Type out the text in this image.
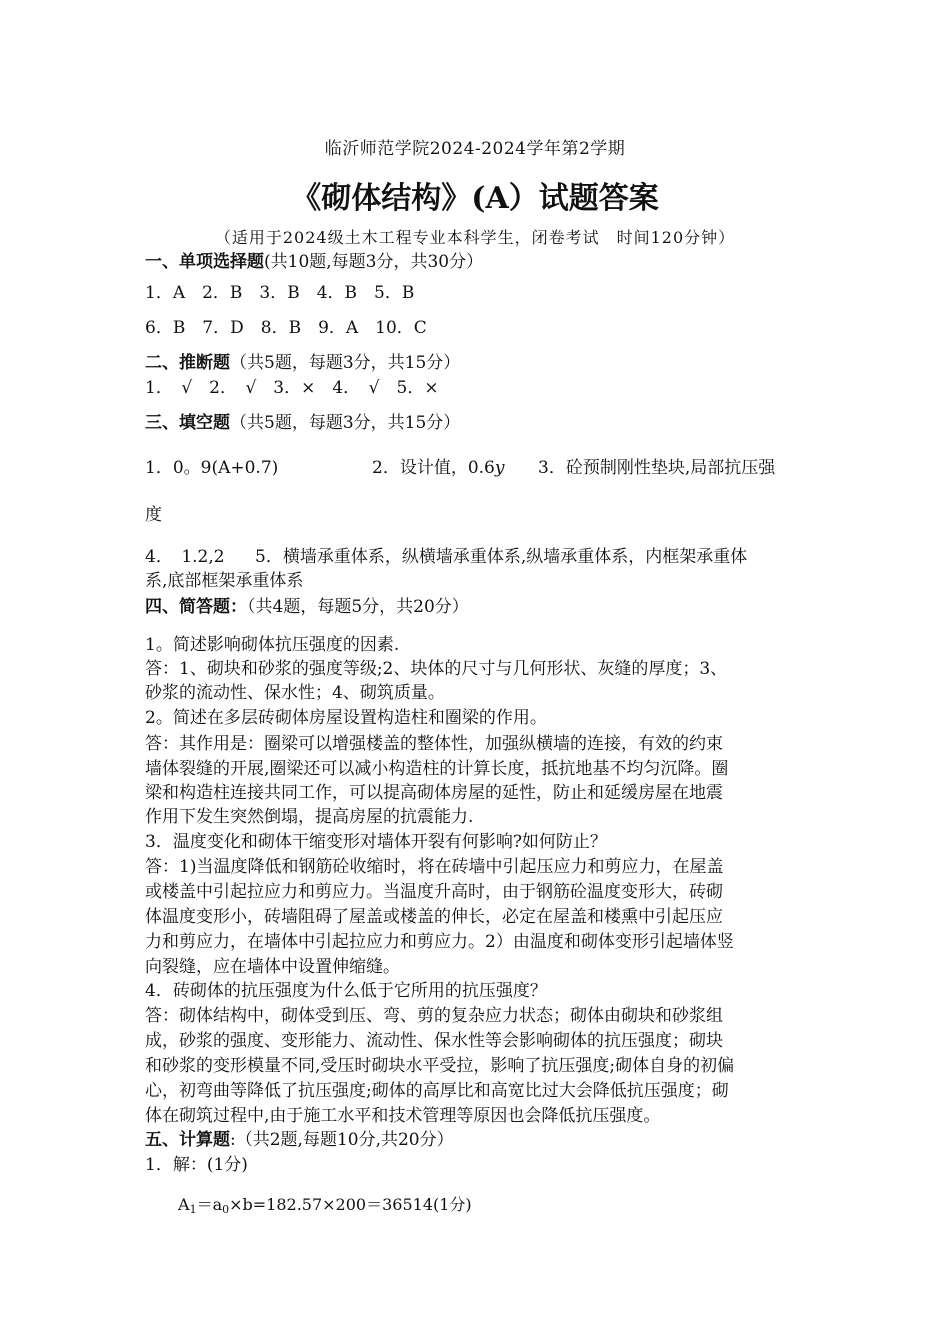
临沂师范学院2024-2024学年第2学期
《砌体结构》(A）试题答案
（适用于2024级土木工程专业本科学生，闭卷考试　时间120分钟）
一、单项选择题(共10题,每题3分，共30分）
1．A　2．B　3．B　4．B　5．B
6．B　7．D　8．B　9．A　10．C
二、推断题（共5题，每题3分，共15分）
1．　√　2．　√　3．×　4．　√　5．×
三、填空题（共5题，每题3分，共15分）
1．0。9(A+0.7)	2．设计值，0.6y 3．砼预制刚性垫块,局部抗压强
度
4．　1.2,2 5．横墙承重体系，纵横墙承重体系,纵墙承重体系，内框架承重体
系,底部框架承重体系
四、简答题：（共4题，每题5分，共20分）
1。简述影响砌体抗压强度的因素.
答：1、砌块和砂浆的强度等级;2、块体的尺寸与几何形状、灰缝的厚度；3、
砂浆的流动性、保水性；4、砌筑质量。
2。简述在多层砖砌体房屋设置构造柱和圈梁的作用。
答：其作用是：圈梁可以增强楼盖的整体性，加强纵横墙的连接，有效的约束
墙体裂缝的开展,圈梁还可以减小构造柱的计算长度，抵抗地基不均匀沉降。圈
梁和构造柱连接共同工作，可以提高砌体房屋的延性，防止和延缓房屋在地震
作用下发生突然倒塌，提高房屋的抗震能力.
3．温度变化和砌体干缩变形对墙体开裂有何影响?如何防止？
答：1)当温度降低和钢筋砼收缩时，将在砖墙中引起压应力和剪应力，在屋盖
或楼盖中引起拉应力和剪应力。当温度升高时，由于钢筋砼温度变形大，砖砌
体温度变形小，砖墙阻碍了屋盖或楼盖的伸长，必定在屋盖和楼熏中引起压应
力和剪应力，在墙体中引起拉应力和剪应力。2）由温度和砌体变形引起墙体竖
向裂缝，应在墙体中设置伸缩缝。
4．砖砌体的抗压强度为什么低于它所用的抗压强度？
答：砌体结构中，砌体受到压、弯、剪的复杂应力状态；砌体由砌块和砂浆组
成，砂浆的强度、变形能力、流动性、保水性等会影响砌体的抗压强度；砌块
和砂浆的变形模量不同,受压时砌块水平受拉，影响了抗压强度;砌体自身的初偏
心，初弯曲等降低了抗压强度;砌体的高厚比和高宽比过大会降低抗压强度；砌
体在砌筑过程中,由于施工水平和技术管理等原因也会降低抗压强度。
五、计算题:（共2题,每题10分,共20分）
1．解：(1分)
$A_1=a_0\times b=182.57\times 200=36514(1$分)
